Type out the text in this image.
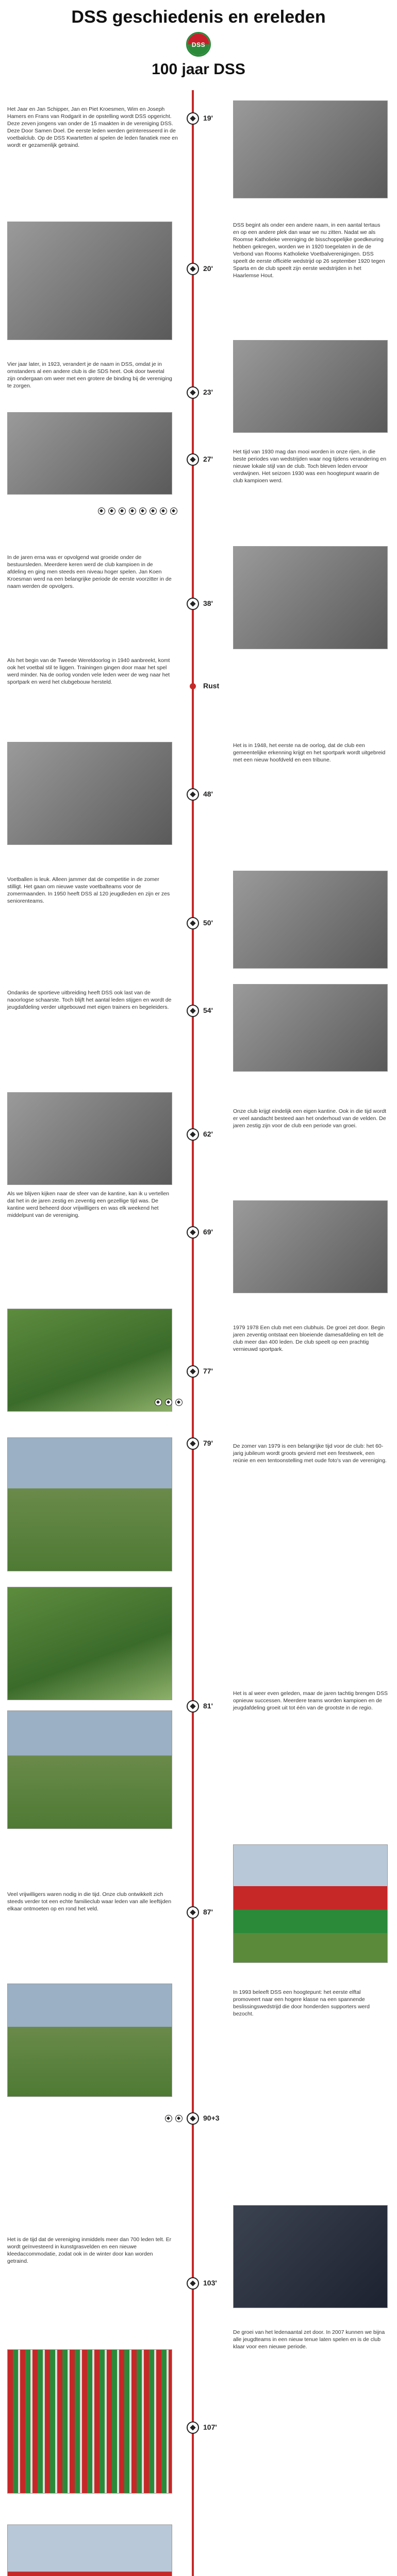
DSS geschiedenis en ereleden
DSS
100 jaar DSS
19'
Het Jaar en Jan Schipper, Jan en Piet Kroesmen, Wim en Joseph Hamers en Frans van Rodgarit in de opstelling wordt DSS opgericht. Deze zeven jongens van onder de 15 maakten in de vereniging DSS. Deze Door Samen Doel. De eerste leden werden geïnteresseerd in de voetbalclub. Op de DSS Kwartetten al spelen de leden fanatiek mee en wordt er gezamenlijk getraind.
20'
DSS begint als onder een andere naam, in een aantal tertaus en op een andere plek dan waar we nu zitten. Nadat we als Roomse Katholieke vereniging de bisschoppelijke goedkeuring hebben gekregen, worden we in 1920 toegelaten in de de Verbond van Rooms Katholieke Voetbalverenigingen. DSS speelt de eerste officiële wedstrijd op 26 september 1920 tegen Sparta en de club speelt zijn eerste wedstrijden in het Haarlemse Hout.
23'
Vier jaar later, in 1923, verandert je de naam in DSS, omdat je in omstanders al een andere club is die SDS heet. Ook door tweetal zijn ondergaan om weer met een grotere de binding bij de vereniging te zorgen.
27'
Het tijd van 1930 mag dan mooi worden in onze rijen, in die beste periodes van wedstrijden waar nog tijdens verandering en nieuwe lokale stijl van de club. Toch bleven leden ervoor verdwijnen. Het seizoen 1930 was een hoogtepunt waarin de club kampioen werd.
38'
In de jaren erna was er opvolgend wat groeide onder de bestuursleden. Meerdere keren werd de club kampioen in de afdeling en ging men steeds een niveau hoger spelen. Jan Koen Kroesman werd na een belangrijke periode de eerste voorzitter in de naam werden de opvolgers.
Rust
Als het begin van de Tweede Wereldoorlog in 1940 aanbreekt, komt ook het voetbal stil te liggen. Trainingen gingen door maar het spel werd minder. Na de oorlog vonden vele leden weer de weg naar het sportpark en werd het clubgebouw hersteld.
48'
Het is in 1948, het eerste na de oorlog, dat de club een gemeentelijke erkenning krijgt en het sportpark wordt uitgebreid met een nieuw hoofdveld en een tribune.
50'
Voetballen is leuk. Alleen jammer dat de competitie in de zomer stilligt. Het gaan om nieuwe vaste voetbalteams voor de zomermaanden. In 1950 heeft DSS al 120 jeugdleden en zijn er zes seniorenteams.
54'
Ondanks de sportieve uitbreiding heeft DSS ook last van de naoorlogse schaarste. Toch blijft het aantal leden stijgen en wordt de jeugdafdeling verder uitgebouwd met eigen trainers en begeleiders.
62'
Onze club krijgt eindelijk een eigen kantine. Ook in die tijd wordt er veel aandacht besteed aan het onderhoud van de velden. De jaren zestig zijn voor de club een periode van groei.
69'
Als we blijven kijken naar de sfeer van de kantine, kan ik u vertellen dat het in de jaren zestig en zeventig een gezellige tijd was. De kantine werd beheerd door vrijwilligers en was elk weekend het middelpunt van de vereniging.
77'
1979 1978 Een club met een clubhuis. De groei zet door. Begin jaren zeventig ontstaat een bloeiende damesafdeling en telt de club meer dan 400 leden. De club speelt op een prachtig vernieuwd sportpark.
79'	De zomer van 1979 is een belangrijke tijd voor de club: het 60-jarig jubileum wordt groots gevierd met een feestweek, een reünie en een tentoonstelling met oude foto's van de vereniging.
81'
Het is al weer even geleden, maar de jaren tachtig brengen DSS opnieuw successen. Meerdere teams worden kampioen en de jeugdafdeling groeit uit tot één van de grootste in de regio.
87'
Veel vrijwilligers waren nodig in die tijd. Onze club ontwikkelt zich steeds verder tot een echte familieclub waar leden van alle leeftijden elkaar ontmoeten op en rond het veld.
90+3
In 1993 beleeft DSS een hoogtepunt: het eerste elftal promoveert naar een hogere klasse na een spannende beslissingswedstrijd die door honderden supporters werd bezocht.
103'
Het is de tijd dat de vereniging inmiddels meer dan 700 leden telt. Er wordt geïnvesteerd in kunstgrasvelden en een nieuwe kleedaccommodatie, zodat ook in de winter door kan worden getraind.
107'
De groei van het ledenaantal zet door. In 2007 kunnen we bijna alle jeugdteams in een nieuw tenue laten spelen en is de club klaar voor een nieuwe periode.
